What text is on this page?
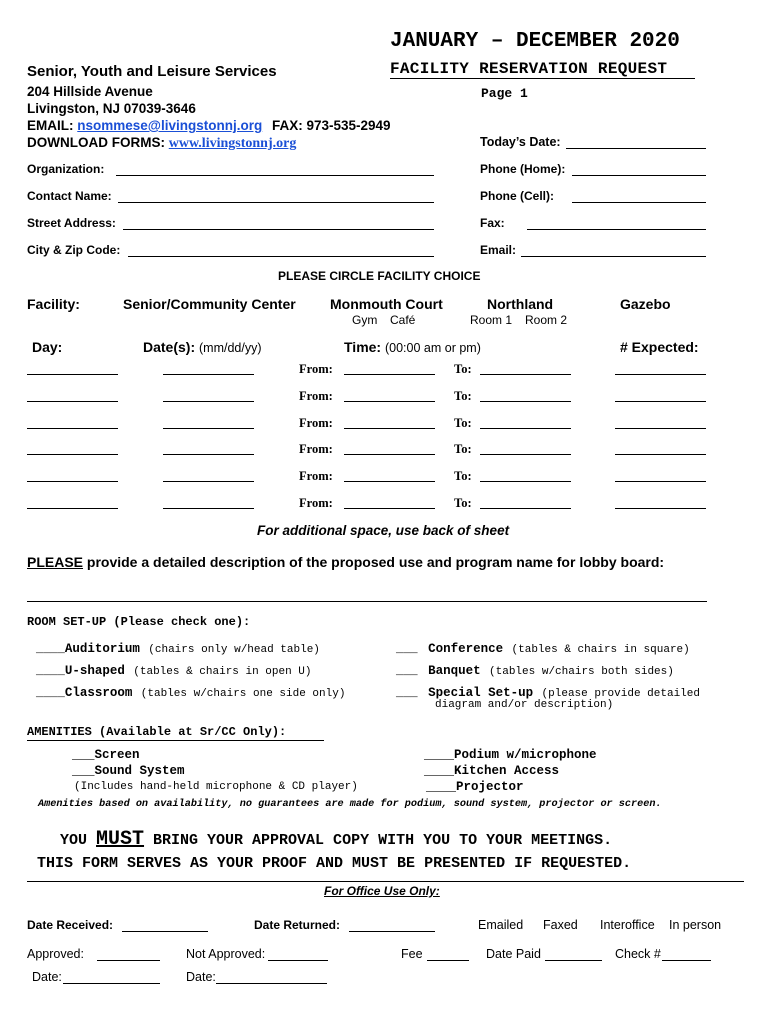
JANUARY – DECEMBER 2020
FACILITY RESERVATION REQUEST
Senior, Youth and Leisure Services
Page 1
204 Hillside Avenue
Livingston, NJ 07039-3646
EMAIL: nsommese@livingstonnj.org FAX: 973-535-2949
DOWNLOAD FORMS: www.livingstonnj.org	Today’s Date:
Organization:	Phone (Home):
Contact Name:	Phone (Cell):
Street Address:	Fax:
City & Zip Code:	Email:
PLEASE CIRCLE FACILITY CHOICE
Facility:	Senior/Community Center Monmouth Court	Northland	Gazebo
Gym Café	Room 1 Room 2
Day:	Date(s): (mm/dd/yy)	Time: (00:00 am or pm)	# Expected:
From:	To:
From:	To:
From:	To:
From:	To:
From:	To:
From:	To:
For additional space, use back of sheet
PLEASE provide a detailed description of the proposed use and program name for lobby board:
ROOM SET-UP (Please check one):
____Auditorium (chairs only w/head table)
____U-shaped (tables & chairs in open U)
____Classroom (tables w/chairs one side only)
___ Conference (tables & chairs in square)
___ Banquet (tables w/chairs both sides)
___ Special Set-up (please provide detailed
diagram and/or description)
AMENITIES (Available at Sr/CC Only):
___Screen
___Sound System
(Includes hand-held microphone & CD player)
____Podium w/microphone
____Kitchen Access
____Projector
Amenities based on availability, no guarantees are made for podium, sound system, projector or screen.
YOU MUST BRING YOUR APPROVAL COPY WITH YOU TO YOUR MEETINGS.
THIS FORM SERVES AS YOUR PROOF AND MUST BE PRESENTED IF REQUESTED.
For Office Use Only:
Date Received:	Date Returned:	Emailed Faxed Interoffice In person
Approved:	Not Approved:	Fee	Date Paid	Check #
Date:	Date:
